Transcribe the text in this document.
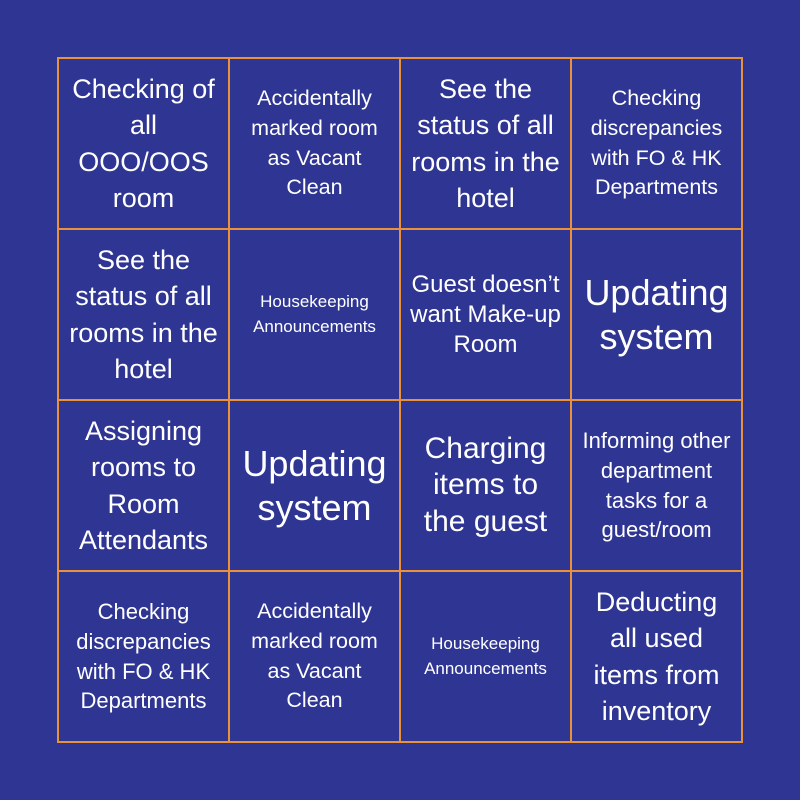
Checking of all OOO/OOS room
Accidentally marked room as Vacant Clean
See the status of all rooms in the hotel
Checking discrepancies with FO & HK Departments
See the status of all rooms in the hotel
Housekeeping Announcements
Guest doesn’t want Make-up Room
Updating system
Assigning rooms to Room Attendants
Updating system
Charging items to the guest
Informing other department tasks for a guest/room
Checking discrepancies with FO & HK Departments
Accidentally marked room as Vacant Clean
Housekeeping Announcements
Deducting all used items from inventory
